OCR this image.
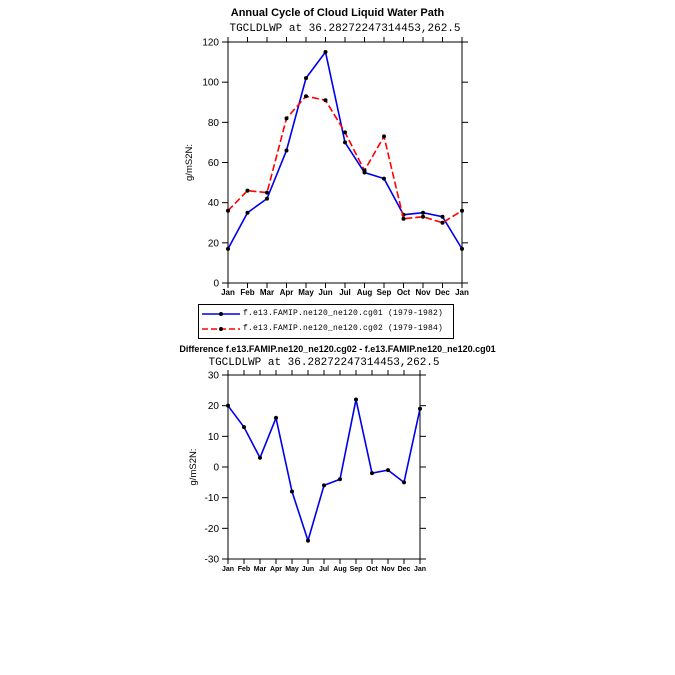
Annual Cycle of Cloud Liquid Water Path
TGCLDLWP at 36.28272247314453,262.5
0
20
40
60
80
100
120
Jan Feb Mar Apr May Jun Jul Aug Sep Oct Nov Dec Jan
g/mS2N:
f.e13.FAMIP.ne120_ne120.cg01 (1979-1982)
f.e13.FAMIP.ne120_ne120.cg02 (1979-1984)
Difference f.e13.FAMIP.ne120_ne120.cg02 - f.e13.FAMIP.ne120_ne120.cg01
TGCLDLWP at 36.28272247314453,262.5
-30
-20
-10
0
10
20
30
Jan Feb Mar Apr May Jun Jul Aug Sep Oct Nov Dec Jan
g/mS2N:
